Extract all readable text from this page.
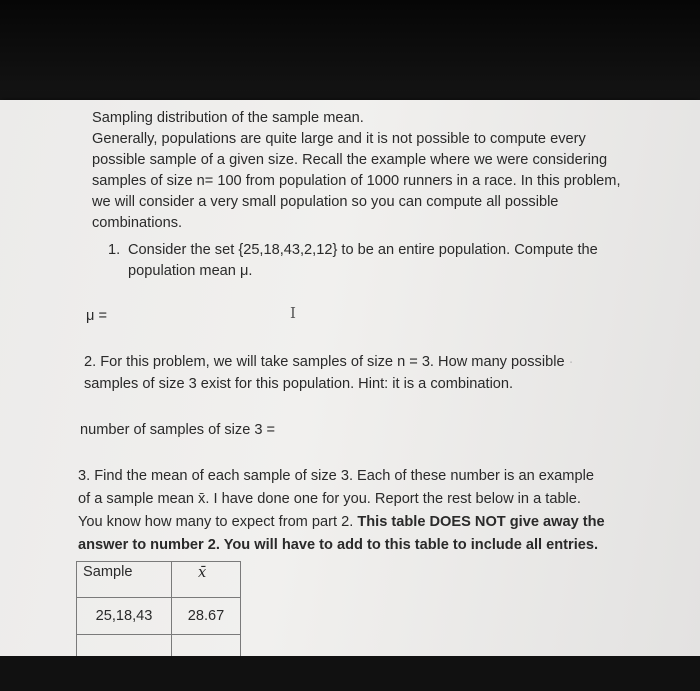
Sampling distribution of the sample mean.
Generally, populations are quite large and it is not possible to compute every
possible sample of a given size. Recall the example where we were considering
samples of size n= 100 from population of 1000 runners in a race. In this problem,
we will consider a very small population so you can compute all possible
combinations.
1. Consider the set {25,18,43,2,12} to be an entire population. Compute the
population mean μ.
μ =	I
2. For this problem, we will take samples of size n = 3. How many possible ·
samples of size 3 exist for this population. Hint: it is a combination.
number of samples of size 3 =
3. Find the mean of each sample of size 3. Each of these number is an example
of a sample mean x̄. I have done one for you. Report the rest below in a table.
You know how many to expect from part 2. This table DOES NOT give away the
answer to number 2. You will have to add to this table to include all entries.
Sample	x̄
25,18,43	28.67
